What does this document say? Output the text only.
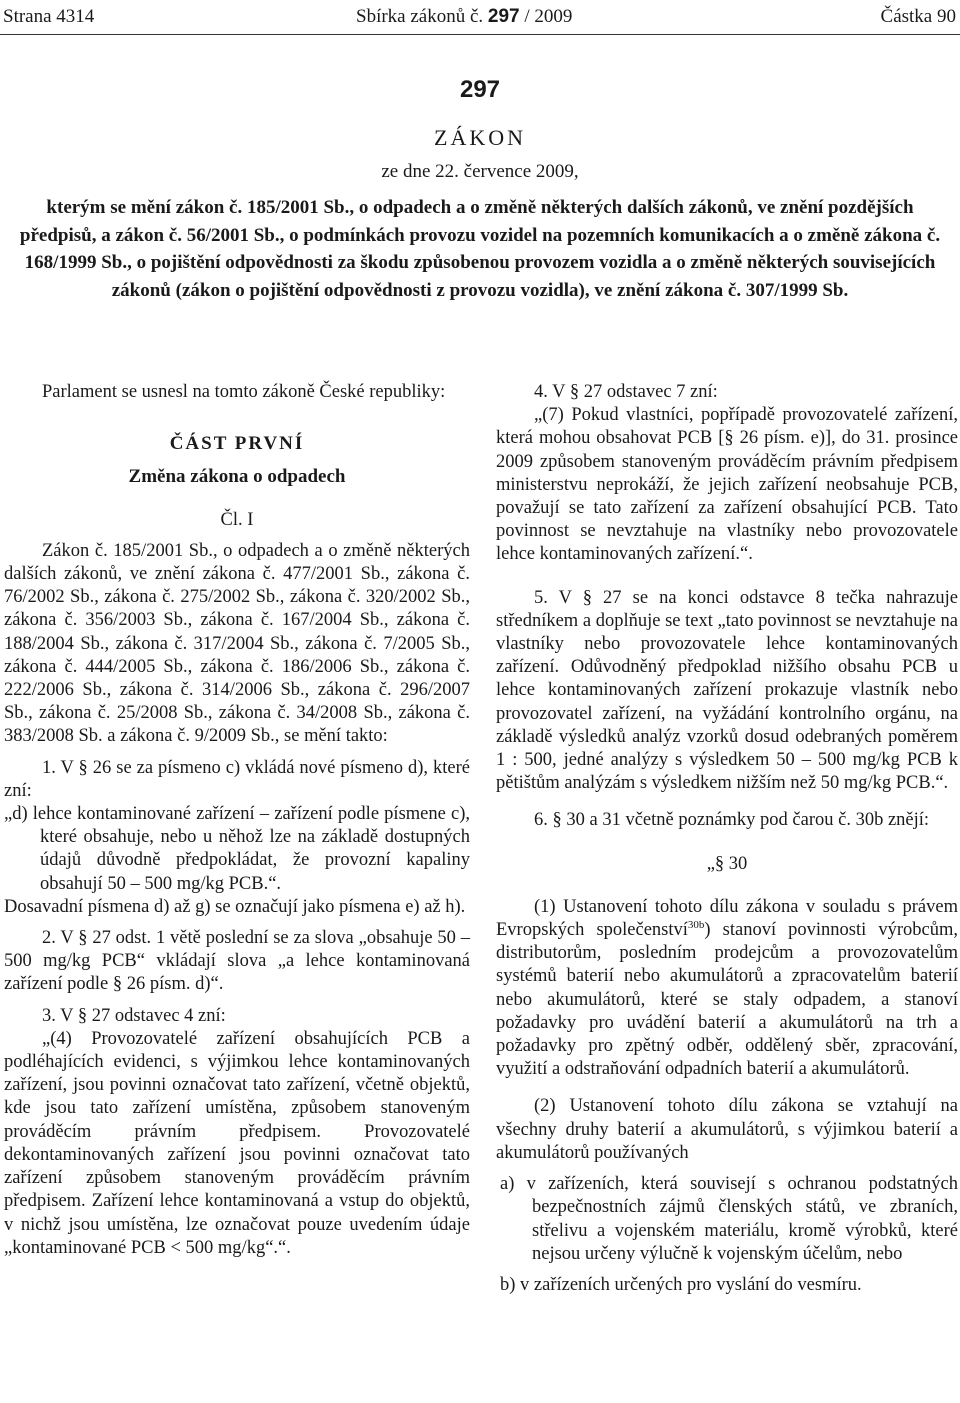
Strana 4314	Sbírka zákonů č. 297 / 2009	Částka 90
297
ZÁKON
ze dne 22. července 2009,
kterým se mění zákon č. 185/2001 Sb., o odpadech a o změně některých dalších zákonů, ve znění pozdějších předpisů, a zákon č. 56/2001 Sb., o podmínkách provozu vozidel na pozemních komunikacích a o změně zákona č. 168/1999 Sb., o pojištění odpovědnosti za škodu způsobenou provozem vozidla a o změně některých souvisejících zákonů (zákon o pojištění odpovědnosti z provozu vozidla), ve znění zákona č. 307/1999 Sb.

Parlament se usnesl na tomto zákoně České republiky:

ČÁST PRVNÍ

Změna zákona o odpadech

Čl. I

Zákon č. 185/2001 Sb., o odpadech a o změně některých dalších zákonů, ve znění zákona č. 477/2001 Sb., zákona č. 76/2002 Sb., zákona č. 275/2002 Sb., zákona č. 320/2002 Sb., zákona č. 356/2003 Sb., zákona č. 167/2004 Sb., zákona č. 188/2004 Sb., zákona č. 317/2004 Sb., zákona č. 7/2005 Sb., zákona č. 444/2005 Sb., zákona č. 186/2006 Sb., zákona č. 222/2006 Sb., zákona č. 314/2006 Sb., zákona č. 296/2007 Sb., zákona č. 25/2008 Sb., zákona č. 34/2008 Sb., zákona č. 383/2008 Sb. a zákona č. 9/2009 Sb., se mění takto:

1. V § 26 se za písmeno c) vkládá nové písmeno d), které zní:

„d) lehce kontaminované zařízení – zařízení podle písmene c), které obsahuje, nebo u něhož lze na základě dostupných údajů důvodně předpokládat, že provozní kapaliny obsahují 50 – 500 mg/kg PCB.“.

Dosavadní písmena d) až g) se označují jako písmena e) až h).

2. V § 27 odst. 1 větě poslední se za slova „obsahuje 50 – 500 mg/kg PCB“ vkládají slova „a lehce kontaminovaná zařízení podle § 26 písm. d)“.

3. V § 27 odstavec 4 zní:

„(4) Provozovatelé zařízení obsahujících PCB a podléhajících evidenci, s výjimkou lehce kontaminovaných zařízení, jsou povinni označovat tato zařízení, včetně objektů, kde jsou tato zařízení umístěna, způsobem stanoveným prováděcím právním předpisem. Provozovatelé dekontaminovaných zařízení jsou povinni označovat tato zařízení způsobem stanoveným prováděcím právním předpisem. Zařízení lehce kontaminovaná a vstup do objektů, v nichž jsou umístěna, lze označovat pouze uvedením údaje „kontaminované PCB < 500 mg/kg“.“.

4. V § 27 odstavec 7 zní:

„(7) Pokud vlastníci, popřípadě provozovatelé zařízení, která mohou obsahovat PCB [§ 26 písm. e)], do 31. prosince 2009 způsobem stanoveným prováděcím právním předpisem ministerstvu neprokáží, že jejich zařízení neobsahuje PCB, považují se tato zařízení za zařízení obsahující PCB. Tato povinnost se nevztahuje na vlastníky nebo provozovatele lehce kontaminovaných zařízení.“.

5. V § 27 se na konci odstavce 8 tečka nahrazuje středníkem a doplňuje se text „tato povinnost se nevztahuje na vlastníky nebo provozovatele lehce kontaminovaných zařízení. Odůvodněný předpoklad nižšího obsahu PCB u lehce kontaminovaných zařízení prokazuje vlastník nebo provozovatel zařízení, na vyžádání kontrolního orgánu, na základě výsledků analýz vzorků dosud odebraných poměrem 1 : 500, jedné analýzy s výsledkem 50 – 500 mg/kg PCB k pětištům analýzám s výsledkem nižším než 50 mg/kg PCB.“.

6. § 30 a 31 včetně poznámky pod čarou č. 30b znějí:

„§ 30

(1) Ustanovení tohoto dílu zákona v souladu s právem Evropských společenství$^{30b}$) stanoví povinnosti výrobcům, distributorům, posledním prodejcům a provozovatelům systémů baterií nebo akumulátorů a zpracovatelům baterií nebo akumulátorů, které se staly odpadem, a stanoví požadavky pro uvádění baterií a akumulátorů na trh a požadavky pro zpětný odběr, oddělený sběr, zpracování, využití a odstraňování odpadních baterií a akumulátorů.

(2) Ustanovení tohoto dílu zákona se vztahují na všechny druhy baterií a akumulátorů, s výjimkou baterií a akumulátorů používaných

a) v zařízeních, která souvisejí s ochranou podstatných bezpečnostních zájmů členských států, ve zbraních, střelivu a vojenském materiálu, kromě výrobků, které nejsou určeny výlučně k vojenským účelům, nebo

b) v zařízeních určených pro vyslání do vesmíru.
